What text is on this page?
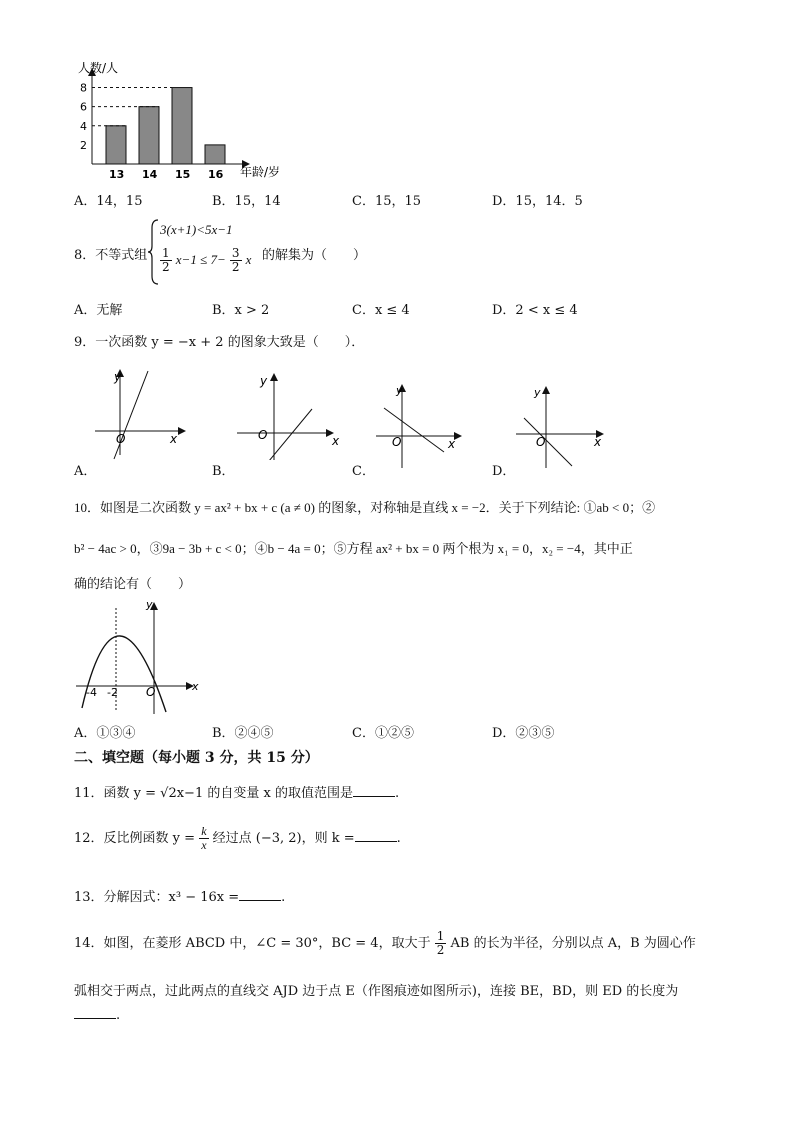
2
4
6
8
13 14 15 16
人数/人
年龄/岁
A．14，15	B．15，14	C．15，15	D．15，14．5
8．不等式组
3(x+1)<5x−1
$\frac{1}{2} x-1 \le 7- \frac{3}{2}$ x 的解集为（　　）
A．无解	B．x > 2	C．x ≤ 4	D．2 < x ≤ 4
9．一次函数 y = −x + 2 的图象大致是（　　）．
y
x
O
A．
y
x
O
B．
y
x
O
C．
y
x
O
D．
10．如图是二次函数 y = ax² + bx + c (a ≠ 0) 的图象，对称轴是直线 x = −2．关于下列结论: ①ab < 0；②
b² − 4ac > 0，③9a − 3b + c < 0；④b − 4a = 0；⑤方程 ax² + bx = 0 两个根为 x₁ = 0，x₂ = −4，其中正
确的结论有（　　）
y
x
O
-4 -2
A．①③④	B．②④⑤	C．①②⑤	D．②③⑤
二、填空题（每小题 3 分，共 15 分）
11．函数 y = √2x−1 的自变量 x 的取值范围是	.
12．反比例函数 $y = \frac{k}{x}$ 经过点 (−3, 2)，则 k =	.
13．分解因式：x³ − 16x =	.
14．如图，在菱形 ABCD 中，∠C = 30°，BC = 4，取大于 $\frac{1}{2}$ AB 的长为半径，分别以点 A，B 为圆心作
弧相交于两点，过此两点的直线交 AJD 边于点 E（作图痕迹如图所示)，连接 BE，BD，则 ED 的长度为
.
